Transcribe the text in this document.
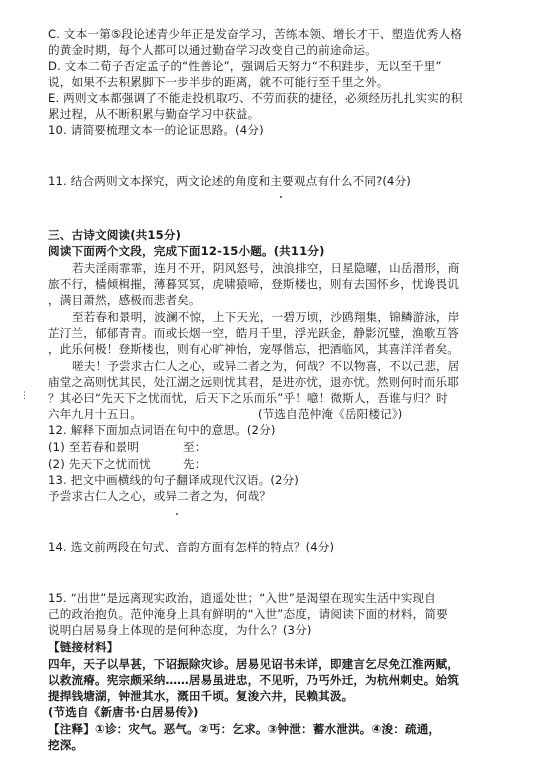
C. 文本一第⑤段论述青少年正是发奋学习，苦练本领、增长才干、塑造优秀人格
的黄金时期，每个人都可以通过勤奋学习改变自己的前途命运。
D. 文本二荀子否定孟子的“性善论”，强调后天努力“不积跬步，无以至千里”
说，如果不去积累脚下一步半步的距离，就不可能行至千里之外。
E. 两则文本都强调了不能走投机取巧、不劳而获的捷径，必须经历扎扎实实的积
累过程，从不断积累与勤奋学习中获益。
10. 请简要梳理文本一的论证思路。(4分)
11. 结合两则文本探究，两文论述的角度和主要观点有什么不同?(4分)
三、古诗文阅读(共15分)
阅读下面两个文段，完成下面12-15小题。(共11分)
若夫淫雨霏霏，连月不开，阴风怒号，浊浪排空，日星隐曜，山岳潜形，商
旅不行，樯倾楫摧，薄暮冥冥，虎啸猿啼，登斯楼也，则有去国怀乡，忧谗畏讥
，满目萧然，感极而悲者矣。
至若春和景明，波澜不惊，上下天光，一碧万顷，沙鸥翔集，锦鳞游泳，岸
芷汀兰，郁郁青青。而或长烟一空，皓月千里，浮光跃金，静影沉璧，渔歌互答
，此乐何极！登斯楼也，则有心旷神怡，宠辱偕忘，把酒临风，其喜洋洋者矣。
嗟夫！予尝求古仁人之心，或异二者之为，何哉？不以物喜，不以己悲，居
庙堂之高则忧其民，处江湖之远则忧其君，是进亦忧，退亦忧。然则何时而乐耶
⋮ ？其必曰“先天下之忧而忧，后天下之乐而乐”乎！噫！微斯人，吾谁与归？时
六年九月十五日。	(节选自范仲淹《岳阳楼记》)
12. 解释下面加点词语在句中的意思。(2分)
(1) 至若春和景明	至：
(2) 先天下之忧而忧	先：
13. 把文中画横线的句子翻译成现代汉语。(2分)
予尝求古仁人之心，或异二者之为，何哉？
14. 选文前两段在句式、音韵方面有怎样的特点？(4分)
15. “出世”是远离现实政治，逍遥处世；“入世”是渴望在现实生活中实现自
己的政治抱负。范仲淹身上具有鲜明的“入世”态度，请阅读下面的材料，简要
说明白居易身上体现的是何种态度，为什么？(3分)
【链接材料】
四年，天子以旱甚，下诏振除灾诊。居易见诏书未详，即建言乞尽免江淮两赋，
以救流瘠。宪宗颇采纳……居易虽进忠，不见听，乃丐外迁，为杭州刺史。始筑
提捍钱塘湖，钟泄其水，溉田千顷。复浚六井，民赖其汲。
(节选自《新唐书·白居易传》)
【注释】①诊：灾气。恶气。②丐：乞求。③钟泄：蓄水泄洪。④浚：疏通，
挖深。
